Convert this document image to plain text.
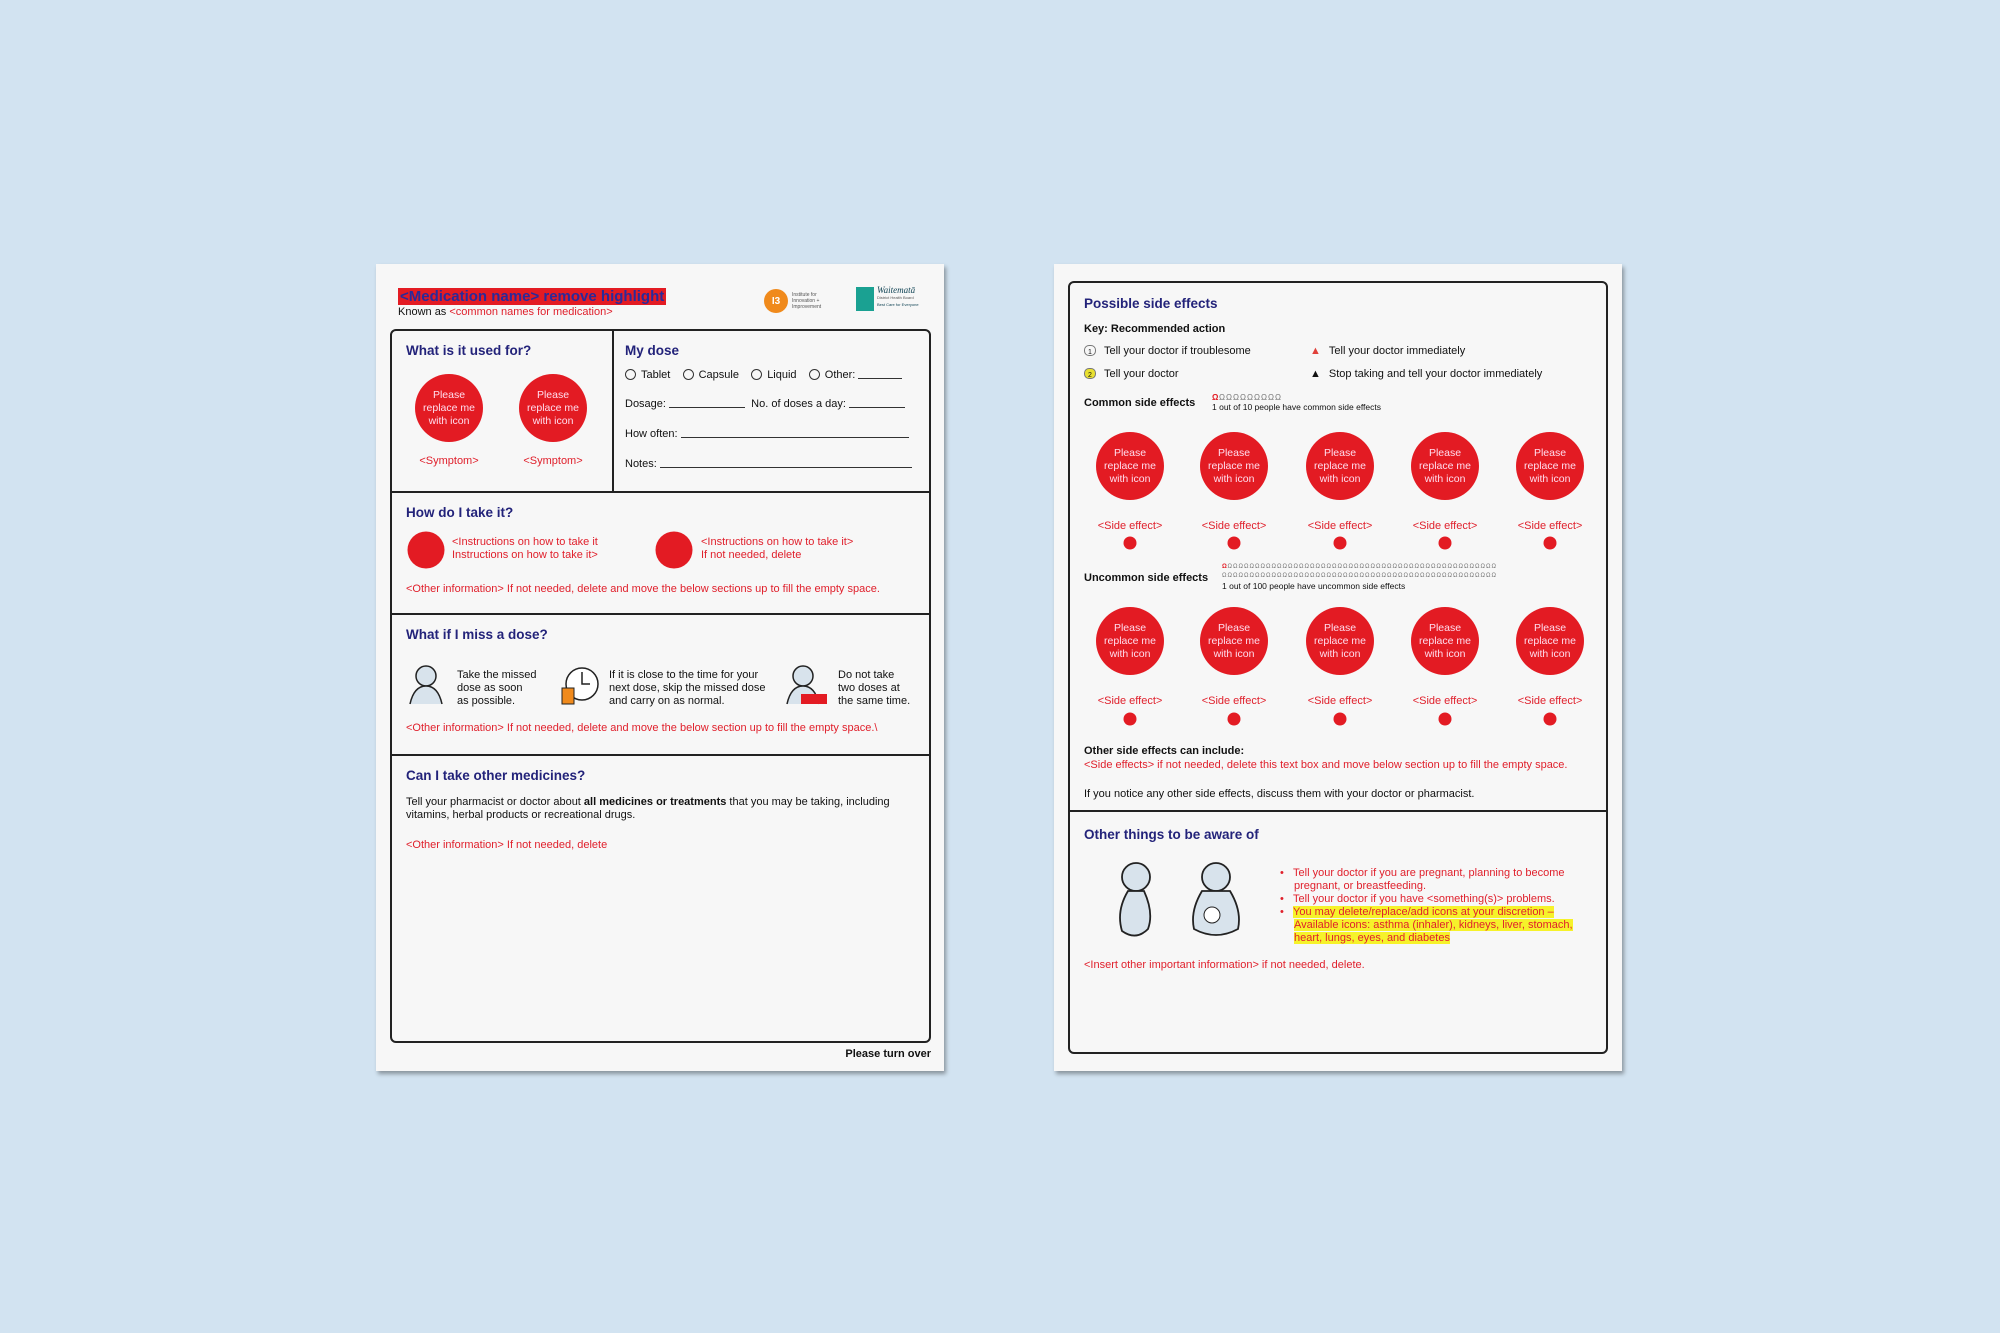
<Medication name> remove highlight
Known as <common names for medication>
I3
Institute for Innovation + Improvement
Waitematā
District Health Board
Best Care for Everyone
What is it used for?
Please replace me with icon
Please replace me with icon
<Symptom>	<Symptom>
My dose
Tablet	Capsule	Liquid	Other:
Dosage:	No. of doses a day:
How often:
Notes:
How do I take it?
<Instructions on how to take it
Instructions on how to take it>
<Instructions on how to take it>
If not needed, delete
<Other information> If not needed, delete and move the below sections up to fill the empty space.
What if I miss a dose?
Take the missed
dose as soon
as possible.
If it is close to the time for your
next dose, skip the missed dose
and carry on as normal.
Do not take
two doses at
the same time.
<Other information> If not needed, delete and move the below section up to fill the empty space.\
Can I take other medicines?
Tell your pharmacist or doctor about all medicines or treatments that you may be taking, including vitamins, herbal products or recreational drugs.
<Other information> If not needed, delete
Please turn over
Possible side effects
Key: Recommended action
1 Tell your doctor if troublesome	▲ Tell your doctor immediately
2 Tell your doctor	▲ Stop taking and tell your doctor immediately
Common side effects Ω Ω Ω Ω Ω Ω Ω Ω Ω Ω
1 out of 10 people have common side effects
Please replace me with icon
<Side effect>
Please replace me with icon
<Side effect>
Please replace me with icon
<Side effect>
Please replace me with icon
<Side effect>
Please replace me with icon
<Side effect>
Uncommon side effects
Ω Ω Ω Ω Ω Ω Ω Ω Ω Ω Ω Ω Ω Ω Ω Ω Ω Ω Ω Ω Ω Ω Ω Ω Ω Ω Ω Ω Ω Ω Ω Ω Ω Ω Ω Ω Ω Ω Ω Ω Ω Ω Ω Ω Ω Ω Ω Ω Ω Ω
Ω Ω Ω Ω Ω Ω Ω Ω Ω Ω Ω Ω Ω Ω Ω Ω Ω Ω Ω Ω Ω Ω Ω Ω Ω Ω Ω Ω Ω Ω Ω Ω Ω Ω Ω Ω Ω Ω Ω Ω Ω Ω Ω Ω Ω Ω Ω Ω Ω Ω
1 out of 100 people have uncommon side effects
Please replace me with icon
<Side effect>
Please replace me with icon
<Side effect>
Please replace me with icon
<Side effect>
Please replace me with icon
<Side effect>
Please replace me with icon
<Side effect>
Other side effects can include:
<Side effects> if not needed, delete this text box and move below section up to fill the empty space.
If you notice any other side effects, discuss them with your doctor or pharmacist.
Other things to be aware of
•   Tell your doctor if you are pregnant, planning to become pregnant, or breastfeeding.
•   Tell your doctor if you have <something(s)> problems.
•   You may delete/replace/add icons at your discretion – Available icons: asthma (inhaler), kidneys, liver, stomach, heart, lungs, eyes, and diabetes
<Insert other important information> if not needed, delete.
